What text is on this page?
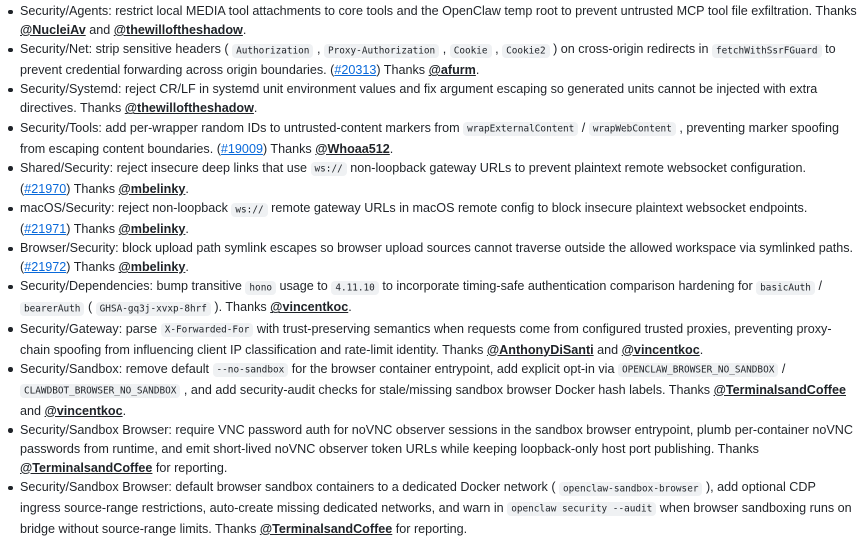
Security/Agents: restrict local MEDIA tool attachments to core tools and the OpenClaw temp root to prevent untrusted MCP tool file exfiltration. Thanks @NucleiAv and @thewilloftheshadow.
Security/Net: strip sensitive headers ( Authorization , Proxy-Authorization , Cookie , Cookie2 ) on cross-origin redirects in fetchWithSsrFGuard to prevent credential forwarding across origin boundaries. (#20313) Thanks @afurm.
Security/Systemd: reject CR/LF in systemd unit environment values and fix argument escaping so generated units cannot be injected with extra directives. Thanks @thewilloftheshadow.
Security/Tools: add per-wrapper random IDs to untrusted-content markers from wrapExternalContent / wrapWebContent , preventing marker spoofing from escaping content boundaries. (#19009) Thanks @Whoaa512.
Shared/Security: reject insecure deep links that use ws:// non-loopback gateway URLs to prevent plaintext remote websocket configuration. (#21970) Thanks @mbelinky.
macOS/Security: reject non-loopback ws:// remote gateway URLs in macOS remote config to block insecure plaintext websocket endpoints. (#21971) Thanks @mbelinky.
Browser/Security: block upload path symlink escapes so browser upload sources cannot traverse outside the allowed workspace via symlinked paths. (#21972) Thanks @mbelinky.
Security/Dependencies: bump transitive hono usage to 4.11.10 to incorporate timing-safe authentication comparison hardening for basicAuth / bearerAuth ( GHSA-gq3j-xvxp-8hrf ). Thanks @vincentkoc.
Security/Gateway: parse X-Forwarded-For with trust-preserving semantics when requests come from configured trusted proxies, preventing proxy-chain spoofing from influencing client IP classification and rate-limit identity. Thanks @AnthonyDiSanti and @vincentkoc.
Security/Sandbox: remove default --no-sandbox for the browser container entrypoint, add explicit opt-in via OPENCLAW_BROWSER_NO_SANDBOX / CLAWDBOT_BROWSER_NO_SANDBOX , and add security-audit checks for stale/missing sandbox browser Docker hash labels. Thanks @TerminalsandCoffee and @vincentkoc.
Security/Sandbox Browser: require VNC password auth for noVNC observer sessions in the sandbox browser entrypoint, plumb per-container noVNC passwords from runtime, and emit short-lived noVNC observer token URLs while keeping loopback-only host port publishing. Thanks @TerminalsandCoffee for reporting.
Security/Sandbox Browser: default browser sandbox containers to a dedicated Docker network ( openclaw-sandbox-browser ), add optional CDP ingress source-range restrictions, auto-create missing dedicated networks, and warn in openclaw security --audit when browser sandboxing runs on bridge without source-range limits. Thanks @TerminalsandCoffee for reporting.
